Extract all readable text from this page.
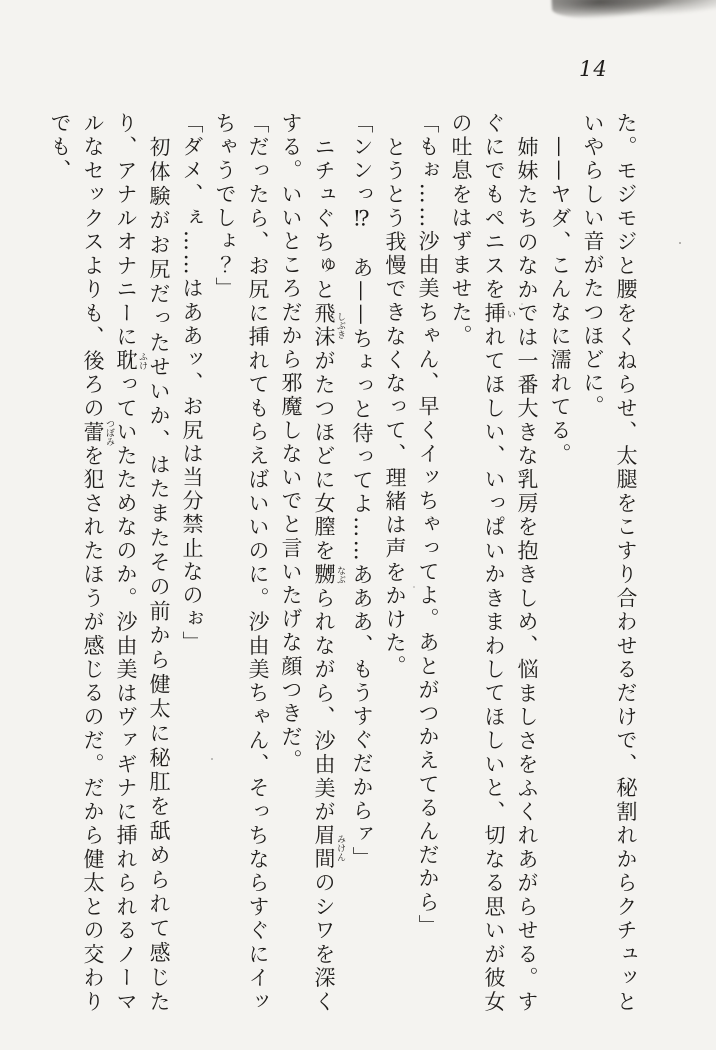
14

た。モジモジと腰をくねらせ、太腿をこすり合わせるだけで、秘割れからクチュッといやらしい音がたつほどに。

——ヤダ、こんなに濡れてる。

姉妹たちのなかでは一番大きな乳房を抱きしめ、悩ましさをふくれあがらせる。すぐにでもペニスを挿 いれてほしい、いっぱいかきまわしてほしいと、切なる思いが彼女の吐息をはずませた。

「もぉ……沙由美ちゃん、早くイッちゃってよ。あとがつかえてるんだから」

とうとう我慢できなくなって、理緒は声をかけた。

「ンンっ⁉　あ——ちょっと待ってよ……あああ、もうすぐだからァ」

ニチュぐちゅと飛沫 しぶきがたつほどに女膣を嬲 なぶられながら、沙由美が眉間 みけんのシワを深くする。いいところだから邪魔しないでと言いたげな顔つきだ。

「だったら、お尻に挿れてもらえばいいのに。沙由美ちゃん、そっちならすぐにイッちゃうでしょ？」

「ダメ、ぇ……はああッ、お尻は当分禁止なのぉ」

初体験がお尻だったせいか、はたまたその前から健太に秘肛を舐められて感じたり、アナルオナニーに耽 ふけっていたためなのか。沙由美はヴァギナに挿れられるノーマルなセックスよりも、後ろの蕾 つぼみを犯されたほうが感じるのだ。だから健太との交わりでも、
